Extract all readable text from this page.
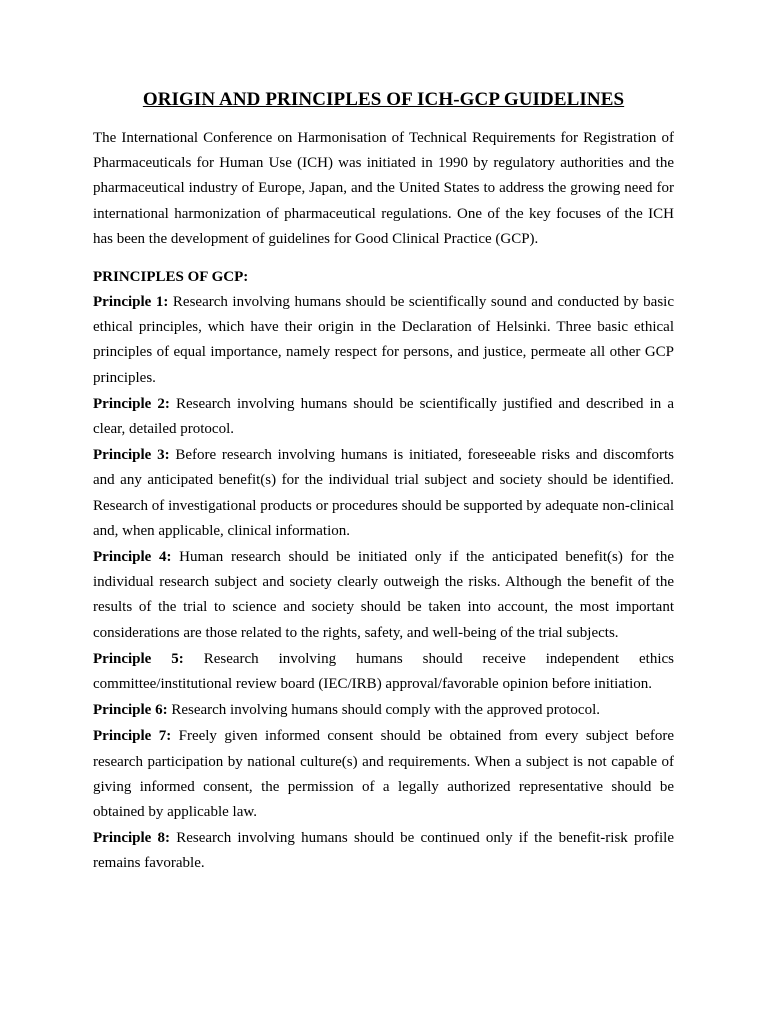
ORIGIN AND PRINCIPLES OF ICH-GCP GUIDELINES

The International Conference on Harmonisation of Technical Requirements for Registration of Pharmaceuticals for Human Use (ICH) was initiated in 1990 by regulatory authorities and the pharmaceutical industry of Europe, Japan, and the United States to address the growing need for international harmonization of pharmaceutical regulations. One of the key focuses of the ICH has been the development of guidelines for Good Clinical Practice (GCP).

PRINCIPLES OF GCP:

Principle 1: Research involving humans should be scientifically sound and conducted by basic ethical principles, which have their origin in the Declaration of Helsinki. Three basic ethical principles of equal importance, namely respect for persons, and justice, permeate all other GCP principles.

Principle 2: Research involving humans should be scientifically justified and described in a clear, detailed protocol.

Principle 3: Before research involving humans is initiated, foreseeable risks and discomforts and any anticipated benefit(s) for the individual trial subject and society should be identified. Research of investigational products or procedures should be supported by adequate non-clinical and, when applicable, clinical information.

Principle 4: Human research should be initiated only if the anticipated benefit(s) for the individual research subject and society clearly outweigh the risks. Although the benefit of the results of the trial to science and society should be taken into account, the most important considerations are those related to the rights, safety, and well-being of the trial subjects.

Principle 5: Research involving humans should receive independent ethics committee/institutional review board (IEC/IRB) approval/favorable opinion before initiation.

Principle 6: Research involving humans should comply with the approved protocol.

Principle 7: Freely given informed consent should be obtained from every subject before research participation by national culture(s) and requirements. When a subject is not capable of giving informed consent, the permission of a legally authorized representative should be obtained by applicable law.

Principle 8: Research involving humans should be continued only if the benefit-risk profile remains favorable.
